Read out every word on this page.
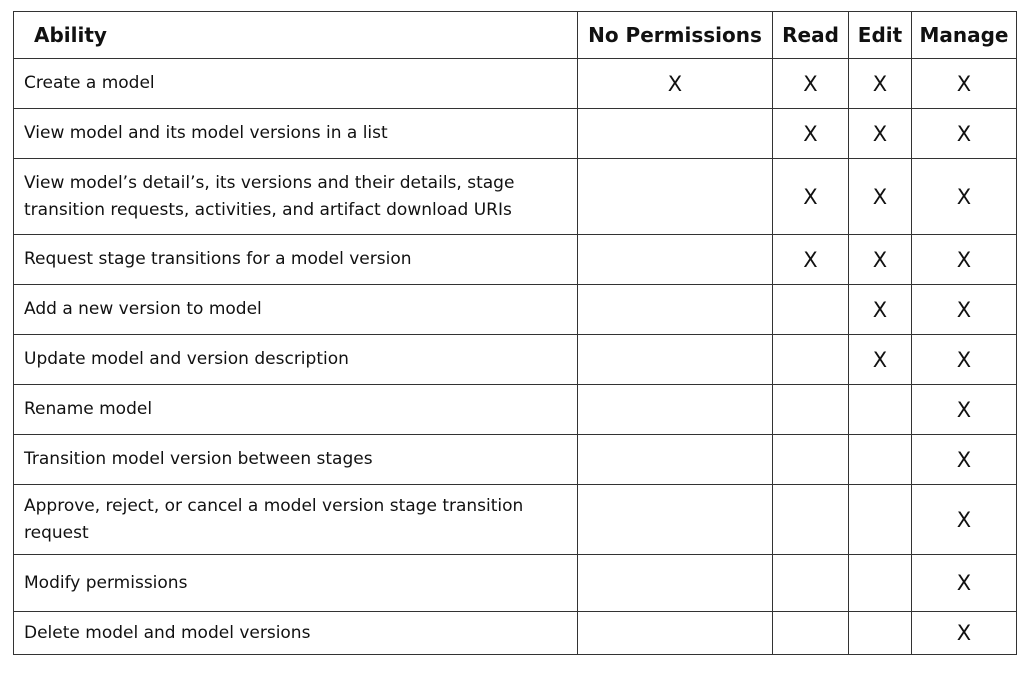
Ability	No Permissions	Read	Edit	Manage
Create a model	X	X	X	X
View model and its model versions in a list		X	X	X
View model’s detail’s, its versions and their details, stage transition requests, activities, and artifact download URIs		X	X	X
Request stage transitions for a model version		X	X	X
Add a new version to model			X	X
Update model and version description			X	X
Rename model				X
Transition model version between stages				X
Approve, reject, or cancel a model version stage transition request				X
Modify permissions				X
Delete model and model versions				X
